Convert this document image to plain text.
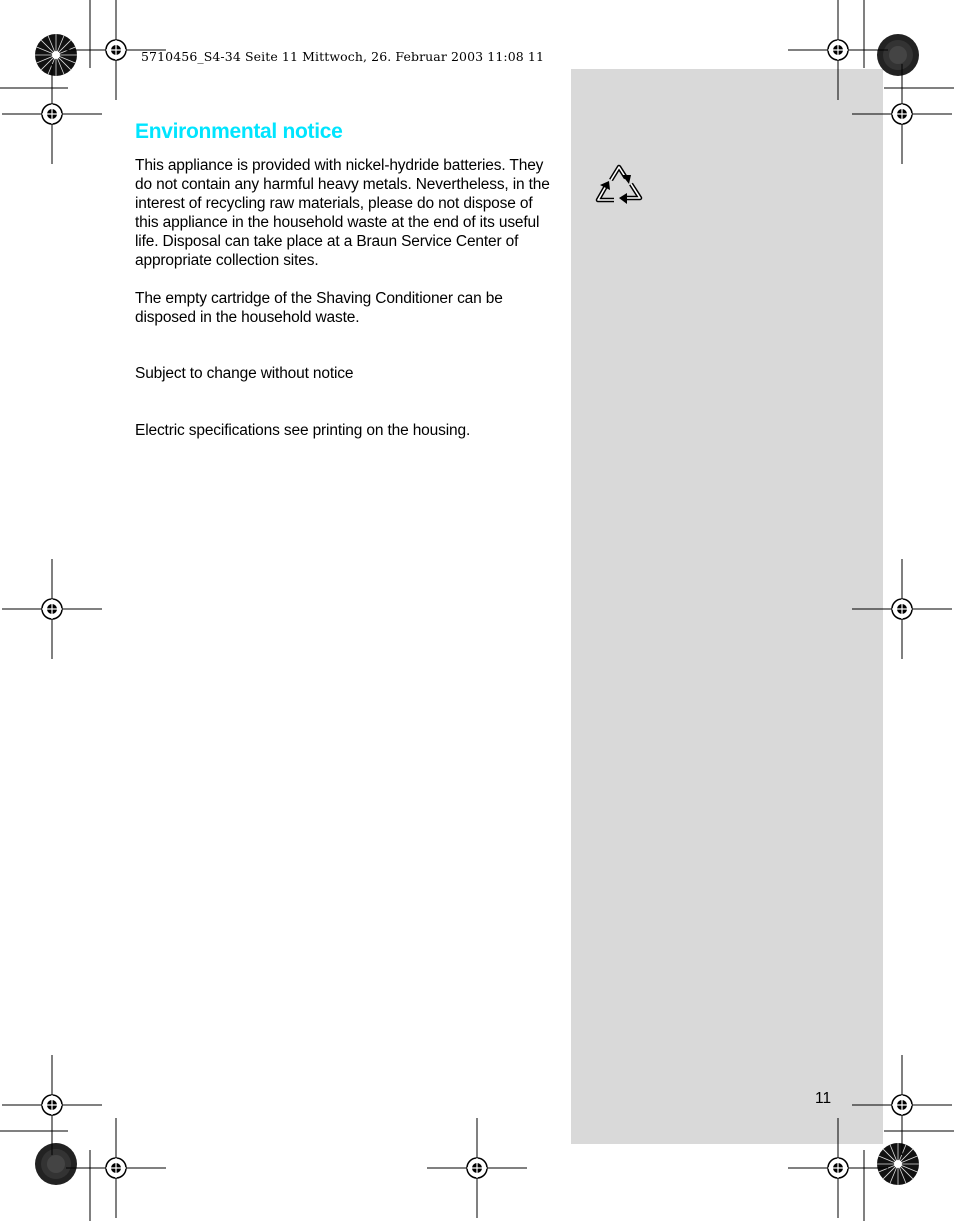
5710456_S4-34 Seite 11 Mittwoch, 26. Februar 2003 11:08 11
Environmental notice

This appliance is provided with nickel-hydride batteries. They do not contain any harmful heavy metals. Nevertheless, in the interest of recycling raw materials, please do not dispose of this appliance in the household waste at the end of its useful life. Disposal can take place at a Braun Service Center of appropriate collection sites.

The empty cartridge of the Shaving Conditioner can be disposed in the household waste.

Subject to change without notice

Electric specifications see printing on the housing.

11
